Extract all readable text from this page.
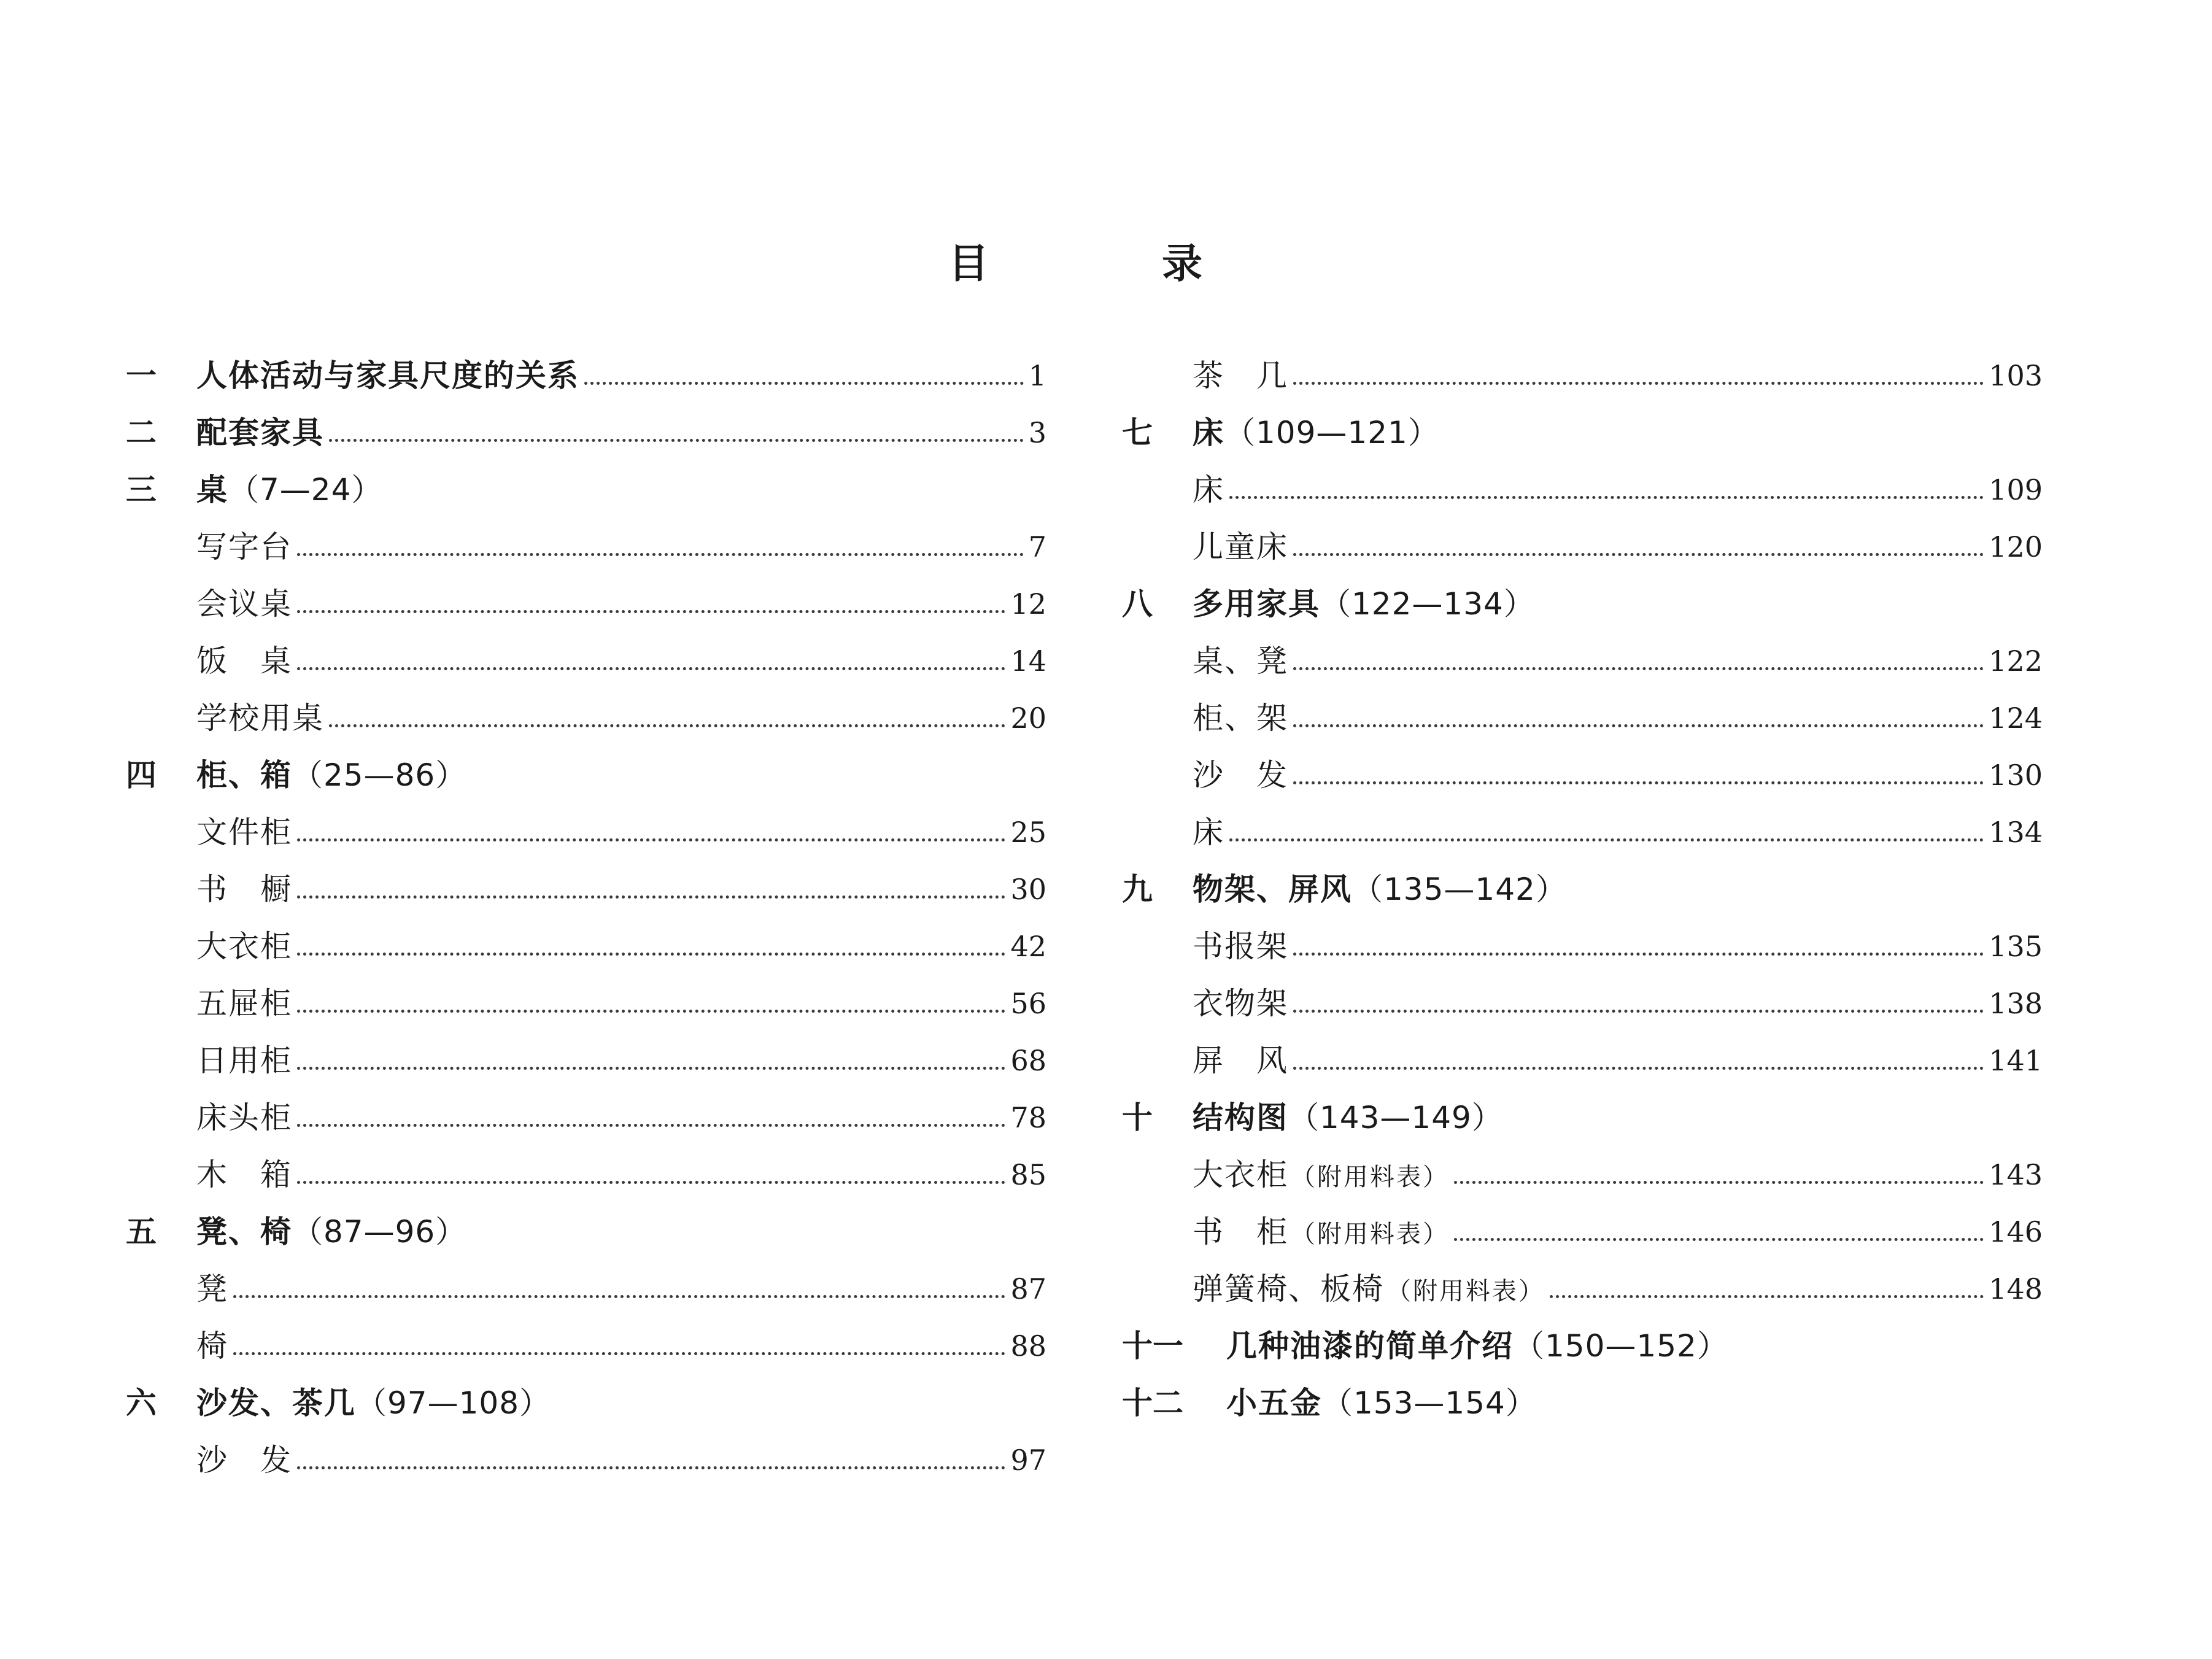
目	录
一 人体活动与家具尺度的关系	1
二 配套家具	3
三 桌（7—24）
写字台	7
会议桌	12
饭　桌	14
学校用桌	20
四 柜、箱（25—86）
文件柜	25
书　橱	30
大衣柜	42
五屉柜	56
日用柜	68
床头柜	78
木　箱	85
五 凳、椅（87—96）
凳	87
椅	88
六 沙发、茶几（97—108）
沙　发	97
茶　几	103
七 床（109—121）
床	109
儿童床	120
八 多用家具（122—134）
桌、凳	122
柜、架	124
沙　发	130
床	134
九 物架、屏风（135—142）
书报架	135
衣物架	138
屏　风	141
十 结构图（143—149）
大衣柜 （附用料表）	143
书　柜 （附用料表）	146
弹簧椅、板椅 （附用料表）	148
十一 几种油漆的简单介绍（150—152）
十二 小五金（153—154）
